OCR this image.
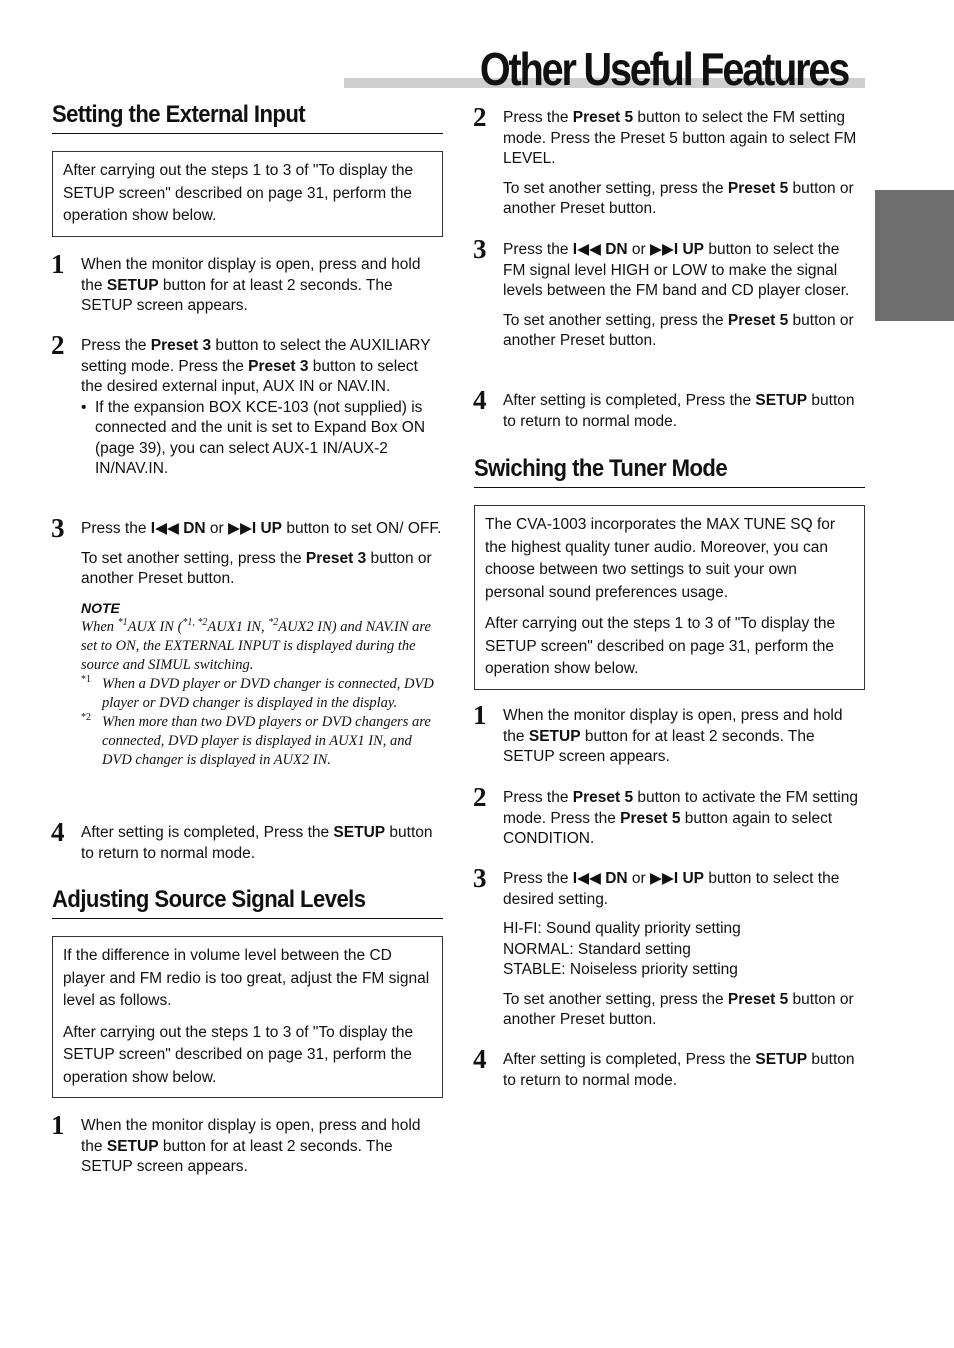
Other Useful Features
Setting the External Input

After carrying out the steps 1 to 3 of "To display the SETUP screen" described on page 31, perform the operation show below.

1 When the monitor display is open, press and hold the SETUP button for at least 2 seconds. The SETUP screen appears.

2 Press the Preset 3 button to select the AUXILIARY setting mode. Press the Preset 3 button to select the desired external input, AUX IN or NAV.IN.

• If the expansion BOX KCE-103 (not supplied) is connected and the unit is set to Expand Box ON (page 39), you can select AUX-1 IN/AUX-2 IN/NAV.IN.
3 Press the I◀◀ DN or ▶▶I UP button to set ON/ OFF.

To set another setting, press the Preset 3 button or another Preset button.

NOTE
When $^{*1}$AUX IN ($^{*1, *2}$AUX1 IN, $^{*2}$AUX2 IN) and NAV.IN are set to ON, the EXTERNAL INPUT is displayed during the source and SIMUL switching.
*1 When a DVD player or DVD changer is connected, DVD player or DVD changer is displayed in the display.
*2 When more than two DVD players or DVD changers are connected, DVD player is displayed in AUX1 IN, and DVD changer is displayed in AUX2 IN.
4 After setting is completed, Press the SETUP button to return to normal mode.

Adjusting Source Signal Levels

If the difference in volume level between the CD player and FM redio is too great, adjust the FM signal level as follows.

After carrying out the steps 1 to 3 of "To display the SETUP screen" described on page 31, perform the operation show below.

1 When the monitor display is open, press and hold the SETUP button for at least 2 seconds. The SETUP screen appears.

2 Press the Preset 5 button to select the FM setting mode. Press the Preset 5 button again to select FM LEVEL.

To set another setting, press the Preset 5 button or another Preset button.

3 Press the I◀◀ DN or ▶▶I UP button to select the FM signal level HIGH or LOW to make the signal levels between the FM band and CD player closer.

To set another setting, press the Preset 5 button or another Preset button.

4 After setting is completed, Press the SETUP button to return to normal mode.

Swiching the Tuner Mode

The CVA-1003 incorporates the MAX TUNE SQ for the highest quality tuner audio. Moreover, you can choose between two settings to suit your own personal sound preferences usage.

After carrying out the steps 1 to 3 of "To display the SETUP screen" described on page 31, perform the operation show below.

1 When the monitor display is open, press and hold the SETUP button for at least 2 seconds. The SETUP screen appears.

2 Press the Preset 5 button to activate the FM setting mode. Press the Preset 5 button again to select CONDITION.

3 Press the I◀◀ DN or ▶▶I UP button to select the desired setting.

HI-FI: Sound quality priority setting
NORMAL: Standard setting
STABLE: Noiseless priority setting

To set another setting, press the Preset 5 button or another Preset button.

4 After setting is completed, Press the SETUP button to return to normal mode.
